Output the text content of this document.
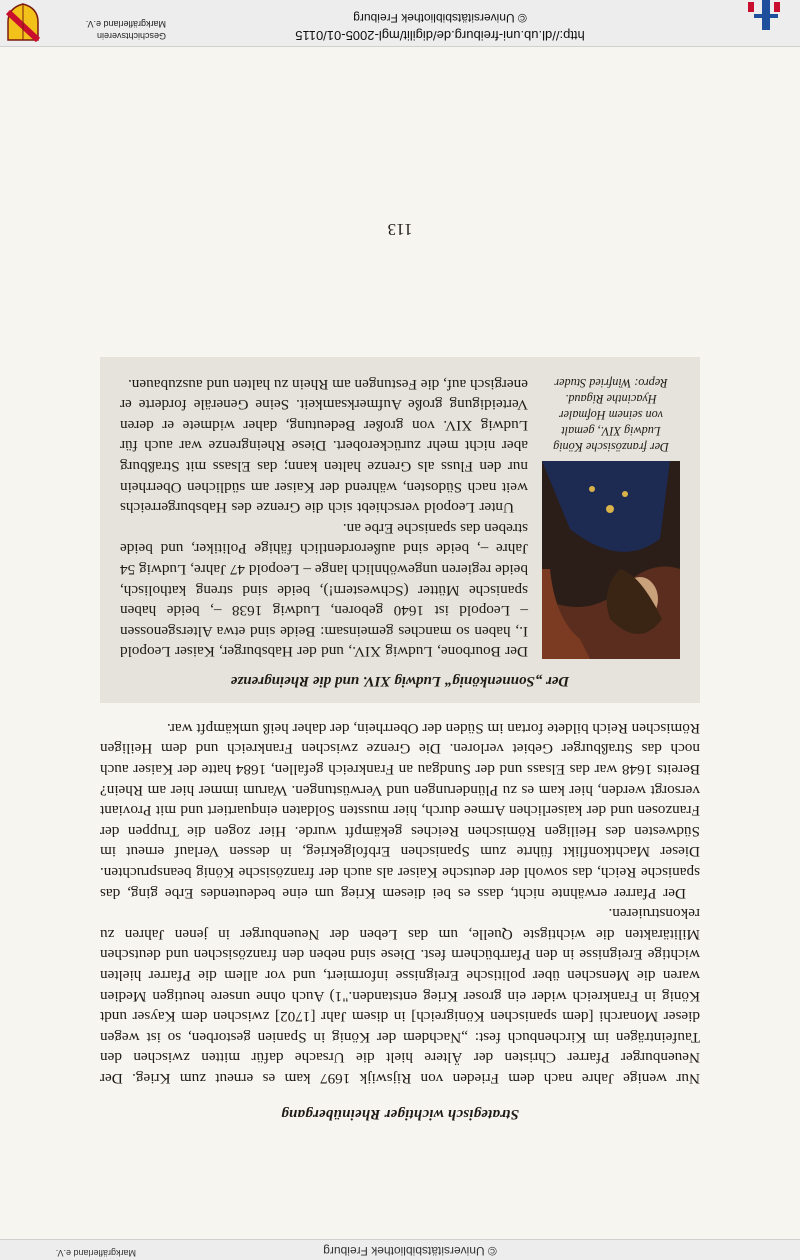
Geschichtsverein
Markgräflerland e.V.
http://dl.ub.uni-freiburg.de/digilit/mgl-2005-01/0115
© Universitätsbibliothek Freiburg
Strategisch wichtiger Rheinübergang

Nur wenige Jahre nach dem Frieden von Rijswijk 1697 kam es erneut zum Krieg. Der Neuenburger Pfarrer Christen der Ältere hielt die Ursache dafür mitten zwischen den Taufeinträgen im Kirchenbuch fest: „Nachdem der König in Spanien gestorben, so ist wegen dieser Monarchi [dem spanischen Königreich] in disem Jahr [1702] zwischen dem Kayser undt König in Frankreich wider ein groser Krieg entstanden."1) Auch ohne unsere heutigen Medien waren die Menschen über politische Ereignisse informiert, und vor allem die Pfarrer hielten wichtige Ereignisse in den Pfarrbüchern fest. Diese sind neben den französischen und deutschen Militärakten die wichtigste Quelle, um das Leben der Neuenburger in jenen Jahren zu rekonstruieren.

Der Pfarrer erwähnte nicht, dass es bei diesem Krieg um eine bedeutendes Erbe ging, das spanische Reich, das sowohl der deutsche Kaiser als auch der französische König beanspruchten. Dieser Machtkonflikt führte zum Spanischen Erbfolgekrieg, in dessen Verlauf erneut im Südwesten des Heiligen Römischen Reiches gekämpft wurde. Hier zogen die Truppen der Franzosen und der kaiserlichen Armee durch, hier mussten Soldaten einquartiert und mit Proviant versorgt werden, hier kam es zu Plünderungen und Verwüstungen. Warum immer hier am Rhein? Bereits 1648 war das Elsass und der Sundgau an Frankreich gefallen, 1684 hatte der Kaiser auch noch das Straßburger Gebiet verloren. Die Grenze zwischen Frankreich und dem Heiligen Römischen Reich bildete fortan im Süden der Oberrhein, der daher heiß umkämpft war.

Der „Sonnenkönig“ Ludwig XIV. und die Rheingrenze
Der französische König
Ludwig XIV., gemalt
von seinem Hofmaler
Hyacinthe Rigaud.
Repro: Winfried Studer

Der Bourbone, Ludwig XIV., und der Habsburger, Kaiser Leopold I., haben so manches gemeinsam: Beide sind etwa Altersgenossen – Leopold ist 1640 geboren, Ludwig 1638 –, beide haben spanische Mütter (Schwestern!), beide sind streng katholisch, beide regieren ungewöhnlich lange – Leopold 47 Jahre, Ludwig 54 Jahre –, beide sind außerordentlich fähige Politiker, und beide streben das spanische Erbe an.

Unter Leopold verschiebt sich die Grenze des Habsburgerreichs weit nach Südosten, während der Kaiser am südlichen Oberrhein nur den Fluss als Grenze halten kann; das Elsass mit Straßburg aber nicht mehr zurückerobert. Diese Rheingrenze war auch für Ludwig XIV. von großer Bedeutung, daher widmete er deren Verteidigung große Aufmerksamkeit. Seine Generäle forderte er energisch auf, die Festungen am Rhein zu halten und auszubauen.

113
Markgräflerland e.V.	© Universitätsbibliothek Freiburg
